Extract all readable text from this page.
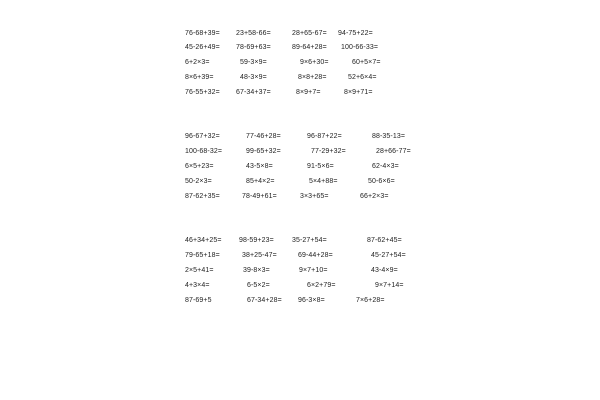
76-68+39= 23+58-66=	28+65-67= 94-75+22=
45-26+49= 78-69+63=	89-64+28= 100-66-33=
6+2×3=	59-3×9=	9×6+30=	60+5×7=
8×6+39=	48-3×9=	8×8+28=	52+6×4=
76-55+32= 67-34+37=	8×9+7=	8×9+71=
96-67+32=	77-46+28=	96-87+22=	88-35-13=
100-68-32=	99-65+32=	77-29+32=	28+66-77=
6×5+23=	43-5×8=	91-5×6=	62-4×3=
50-2×3=	85+4×2=	5×4+88=	50-6×6=
87-62+35=	78-49+61=	3×3+65=	66+2×3=
46+34+25= 98-59+23=	35-27+54=	87-62+45=
79-65+18=	38+25-47=	69-44+28=	45-27+54=
2×5+41=	39-8×3=	9×7+10=	43-4×9=
4+3×4=	6-5×2=	6×2+79=	9×7+14=
87-69+5	67-34+28= 96-3×8=	7×6+28=
